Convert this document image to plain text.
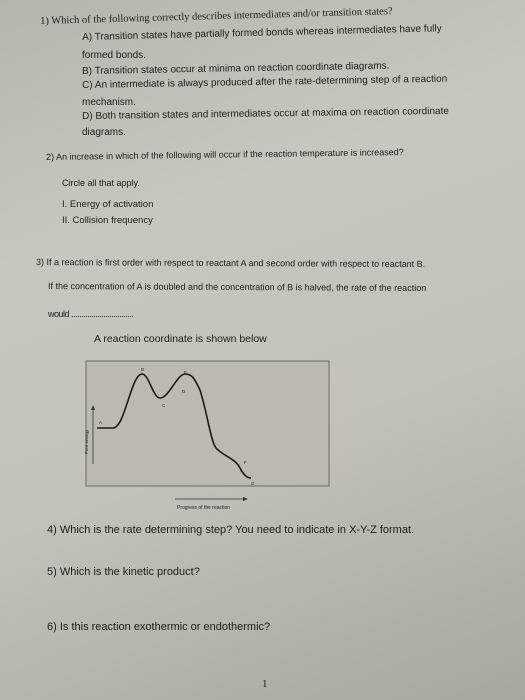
1) Which of the following correctly describes intermediates and/or transition states?
A) Transition states have partially formed bonds whereas intermediates have fully
formed bonds.
B) Transition states occur at minima on reaction coordinate diagrams.
C) An intermediate is always produced after the rate-determining step of a reaction
mechanism.
D) Both transition states and intermediates occur at maxima on reaction coordinate
diagrams.
2) An increase in which of the following will occur if the reaction temperature is increased?
Circle all that apply.
I. Energy of activation
II. Collision frequency
3) If a reaction is first order with respect to reactant A and second order with respect to reactant B.
If the concentration of A is doubled and the concentration of B is halved, the rate of the reaction
would ...............................
A reaction coordinate is shown below
Free energy
Progress of the reaction
A
B
C
D
E
F
G
4) Which is the rate determining step? You need to indicate in X-Y-Z format.
5) Which is the kinetic product?
6) Is this reaction exothermic or endothermic?
1
